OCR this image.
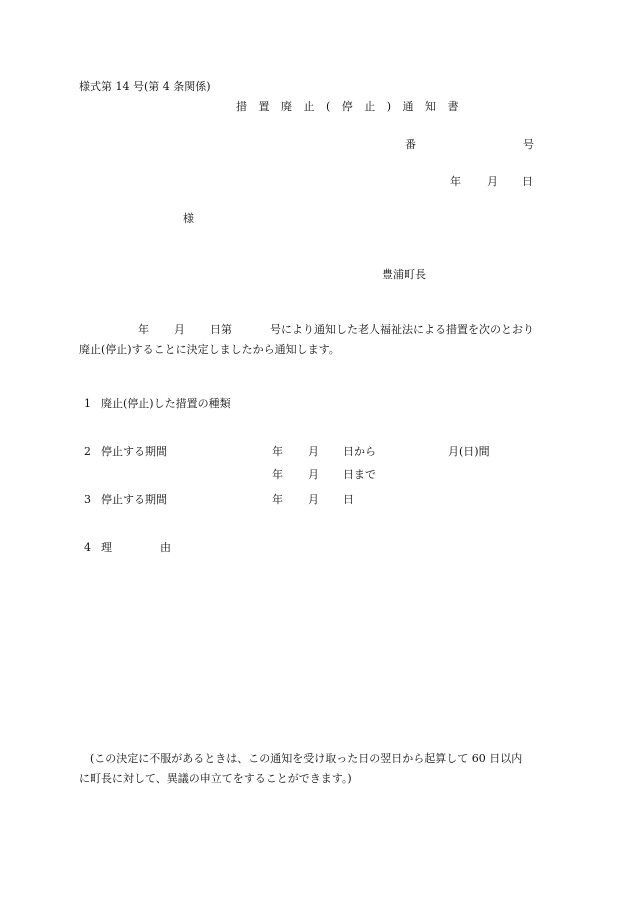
様式第 14 号(第 4 条関係)
措 置 廃 止 ( 停 止 ) 通 知 書
番	号
年 月 日
様
豊浦町長
年 月 日第	号により通知した老人福祉法による措置を次のとおり
廃止(停止)することに決定しましたから通知します。
1 廃止(停止)した措置の種類
2 停止する期間	年 月 日から	月(日)間
年 月 日まで
3 停止する期間	年 月 日
4 理	由
(この決定に不服があるときは、この通知を受け取った日の翌日から起算して 60 日以内
に町長に対して、異議の申立てをすることができます。)
